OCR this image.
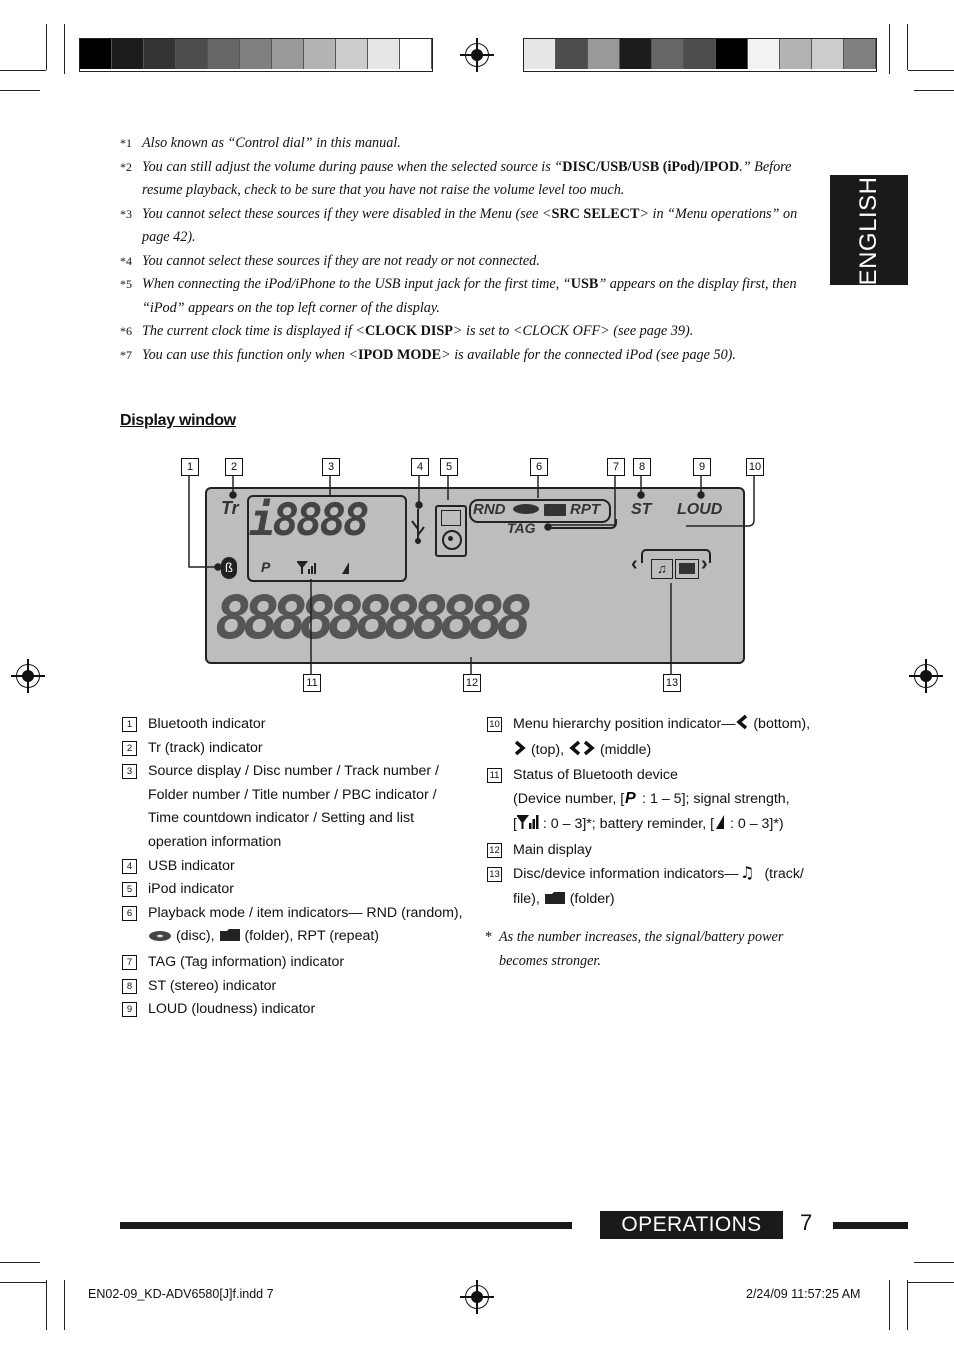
ENGLISH
*1 Also known as “Control dial” in this manual.
*2 You can still adjust the volume during pause when the selected source is “DISC/USB/USB (iPod)/IPOD.” Before resume playback, check to be sure that you have not raise the volume level too much.
*3 You cannot select these sources if they were disabled in the Menu (see <SRC SELECT> in “Menu operations” on page 42).
*4 You cannot select these sources if they are not ready or not connected.
*5 When connecting the iPod/iPhone to the USB input jack for the first time, “USB” appears on the display first, then “iPod” appears on the top left corner of the display.
*6 The current clock time is displayed if <CLOCK DISP> is set to <CLOCK OFF> (see page 39).
*7 You can use this function only when <IPOD MODE> is available for the connected iPod (see page 50).
Display window
1	2	3	4	5	6	7	8	9	10
11	12	13
Tr i8888
P
ß
RND	RPT
TAG
ST LOUD
‹	♫	›
88888888888
1	Bluetooth indicator
2	Tr (track) indicator
3	Source display / Disc number / Track number / Folder number / Title number / PBC indicator / Time countdown indicator / Setting and list operation information
4	USB indicator
5	iPod indicator
6	Playback mode / item indicators— RND (random),  (disc),  (folder), RPT (repeat)
7	TAG (Tag information) indicator
8	ST (stereo) indicator
9	LOUD (loudness) indicator
10 Menu hierarchy position indicator— (bottom),
(top),  (middle)
11 Status of Bluetooth device
(Device number, [ P : 1 – 5]; signal strength,
[ : 0 – 3]*; battery reminder, [ : 0 – 3]*)
12 Main display
13 Disc/device information indicators— ♫ (track/ file),  (folder)
* As the number increases, the signal/battery power becomes stronger.
OPERATIONS	7
EN02-09_KD-ADV6580[J]f.indd 7	2/24/09 11:57:25 AM
